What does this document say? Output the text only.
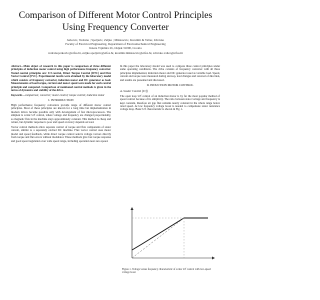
Comparison of Different Motor Control Principles Using Frequency Converter
Jerkovic, Vedrana ; Spoljaric, Zeljko ; Miklosevic, Kresimir & Valter, Zdravko
Faculty of Electrical Engineering, Department of Electromechanical Engineering
Kneza Trpimira 2b, Osijek 31000, Croatia
vedrana.jerkovic@etfos.hr, zeljko.spoljaric@etfos.hr, kresimir.miklosevic@etfos.hr, zdravko.valter@etfos.hr

Abstract—Main object of research in this paper is comparison of three different principles of induction motor control using high performance frequency converter. Tested control principles are: U/f control, Direct Torque Control (DTC) and Flux Vector Control (FVC). Experimental results were obtained by the laboratory model which consists of frequency converter, induction motor and DC generator as load. Measurements of load torque, current and motor speed were made for each control principle and compared. Comparison of mentioned control methods is given in the terms of dynamics and stability of the drive.

Keywords—comparison; converter; motor control; torque control; induction motor

I. INTRODUCTION

High performance frequency converters provide range of different motor control principles. Most of these principles are known for a long time but implementation in modern drives became possible only with development of fast microprocessors. The simplest is scalar U/f control, where voltage and frequency are changed proportionally, so magnetic flux in the machine stays approximately constant. This method is cheap and robust, but dynamic response is poor and speed accuracy depends on load.

Vector control methods allow separate control of torque and flux components of stator current, similar to a separately excited DC machine. Flux vector control uses motor model and speed feedback, while direct torque control selects voltage vectors directly from torque and flux errors without modulator. These methods give fast torque response and good speed regulation over wide speed range, including operation near zero speed.

In this paper the laboratory model was used to compare three control principles under same operating conditions. The drive consists of frequency converter with all three principles implemented, induction motor and DC generator used as variable load. Speed, current and torque were measured during start-up, load changes and reversal of direction, and results are presented and discussed.

II. INDUCTION MOTOR CONTROL
A. Scalar Control (U/f)

The open loop U/f control of an induction motor is by far the most popular method of speed control because of its simplicity. The ratio between stator voltage and frequency is kept constant, therefore air gap flux remains nearly constant in the whole range below rated speed. At low frequency voltage boost is needed to compensate stator resistance voltage drop. Basic U/f characteristic is shown in Fig. 1.

Figure 1. Voltage versus frequency characteristic of scalar U/f control with low-speed voltage boost
